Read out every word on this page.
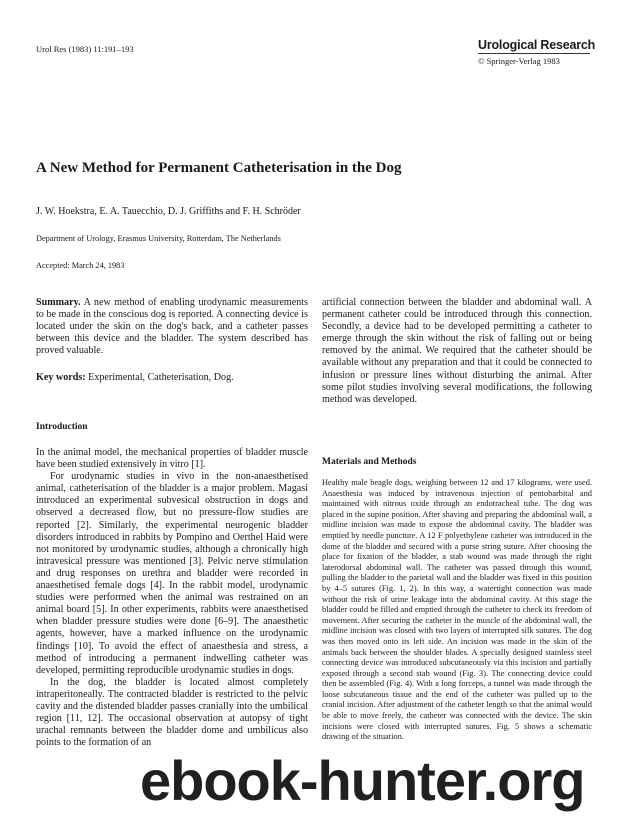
Urol Res (1983) 11:191–193	Urological Research
© Springer-Verlag 1983
A New Method for Permanent Catheterisation in the Dog
J. W. Hoekstra, E. A. Tauecchio, D. J. Griffiths and F. H. Schröder
Department of Urology, Erasmus University, Rotterdam, The Netherlands
Accepted: March 24, 1983

Summary. A new method of enabling urodynamic measurements to be made in the conscious dog is reported. A connecting device is located under the skin on the dog's back, and a catheter passes between this device and the bladder. The system described has proved valuable.

Key words: Experimental, Catheterisation, Dog.

Introduction

In the animal model, the mechanical properties of bladder muscle have been studied extensively in vitro [1].

For urodynamic studies in vivo in the non-anaesthetised animal, catheterisation of the bladder is a major problem. Magasi introduced an experimental subvesical obstruction in dogs and observed a decreased flow, but no pressure-flow studies are reported [2]. Similarly, the experimental neurogenic bladder disorders introduced in rabbits by Pompino and Oerthel Haid were not monitored by urodynamic studies, although a chronically high intravesical pressure was mentioned [3]. Pelvic nerve stimulation and drug responses on urethra and bladder were recorded in anaesthetised female dogs [4]. In the rabbit model, urodynamic studies were performed when the animal was restrained on an animal board [5]. In other experiments, rabbits were anaesthetised when bladder pressure studies were done [6–9]. The anaesthetic agents, however, have a marked influence on the urodynamic findings [10]. To avoid the effect of anaesthesia and stress, a method of introducing a permanent indwelling catheter was developed, permitting reproducible urodynamic studies in dogs.

In the dog, the bladder is located almost completely intraperitoneally. The contracted bladder is restricted to the pelvic cavity and the distended bladder passes cranially into the umbilical region [11, 12]. The occasional observation at autopsy of tight urachal remnants between the bladder dome and umbilicus also points to the formation of an

artificial connection between the bladder and abdominal wall. A permanent catheter could be introduced through this connection. Secondly, a device had to be developed permitting a catheter to emerge through the skin without the risk of falling out or being removed by the animal. We required that the catheter should be available without any preparation and that it could be connected to infusion or pressure lines without disturbing the animal. After some pilot studies involving several modifications, the following method was developed.

Materials and Methods

Healthy male beagle dogs, weighing between 12 and 17 kilograms, were used. Anaesthesia was induced by intravenous injection of pentobarbital and maintained with nitrous oxide through an endotracheal tube. The dog was placed in the supine position. After shaving and preparing the abdominal wall, a midline incision was made to expose the abdominal cavity. The bladder was emptied by needle puncture. A 12 F polyethylene catheter was introduced in the dome of the bladder and secured with a purse string suture. After choosing the place for fixation of the bladder, a stab wound was made through the right laterodorsal abdominal wall. The catheter was passed through this wound, pulling the bladder to the parietal wall and the bladder was fixed in this position by 4–5 sutures (Fig. 1, 2). In this way, a watertight connection was made without the risk of urine leakage into the abdominal cavity. At this stage the bladder could be filled and emptied through the catheter to check its freedom of movement. After securing the catheter in the muscle of the abdominal wall, the midline incision was closed with two layers of interrupted silk sutures. The dog was then moved onto its left side. An incision was made in the skin of the animals back between the shoulder blades. A specially designed stainless steel connecting device was introduced subcutaneously via this incision and partially exposed through a second stab wound (Fig. 3). The connecting device could then be assembled (Fig. 4). With a long forceps, a tunnel was made through the loose subcutaneous tissue and the end of the catheter was pulled up to the cranial incision. After adjustment of the catheter length so that the animal would be able to move freely, the catheter was connected with the device. The skin incisions were closed with interrupted sutures. Fig. 5 shows a schematic drawing of the situation.

ebook-hunter.org
